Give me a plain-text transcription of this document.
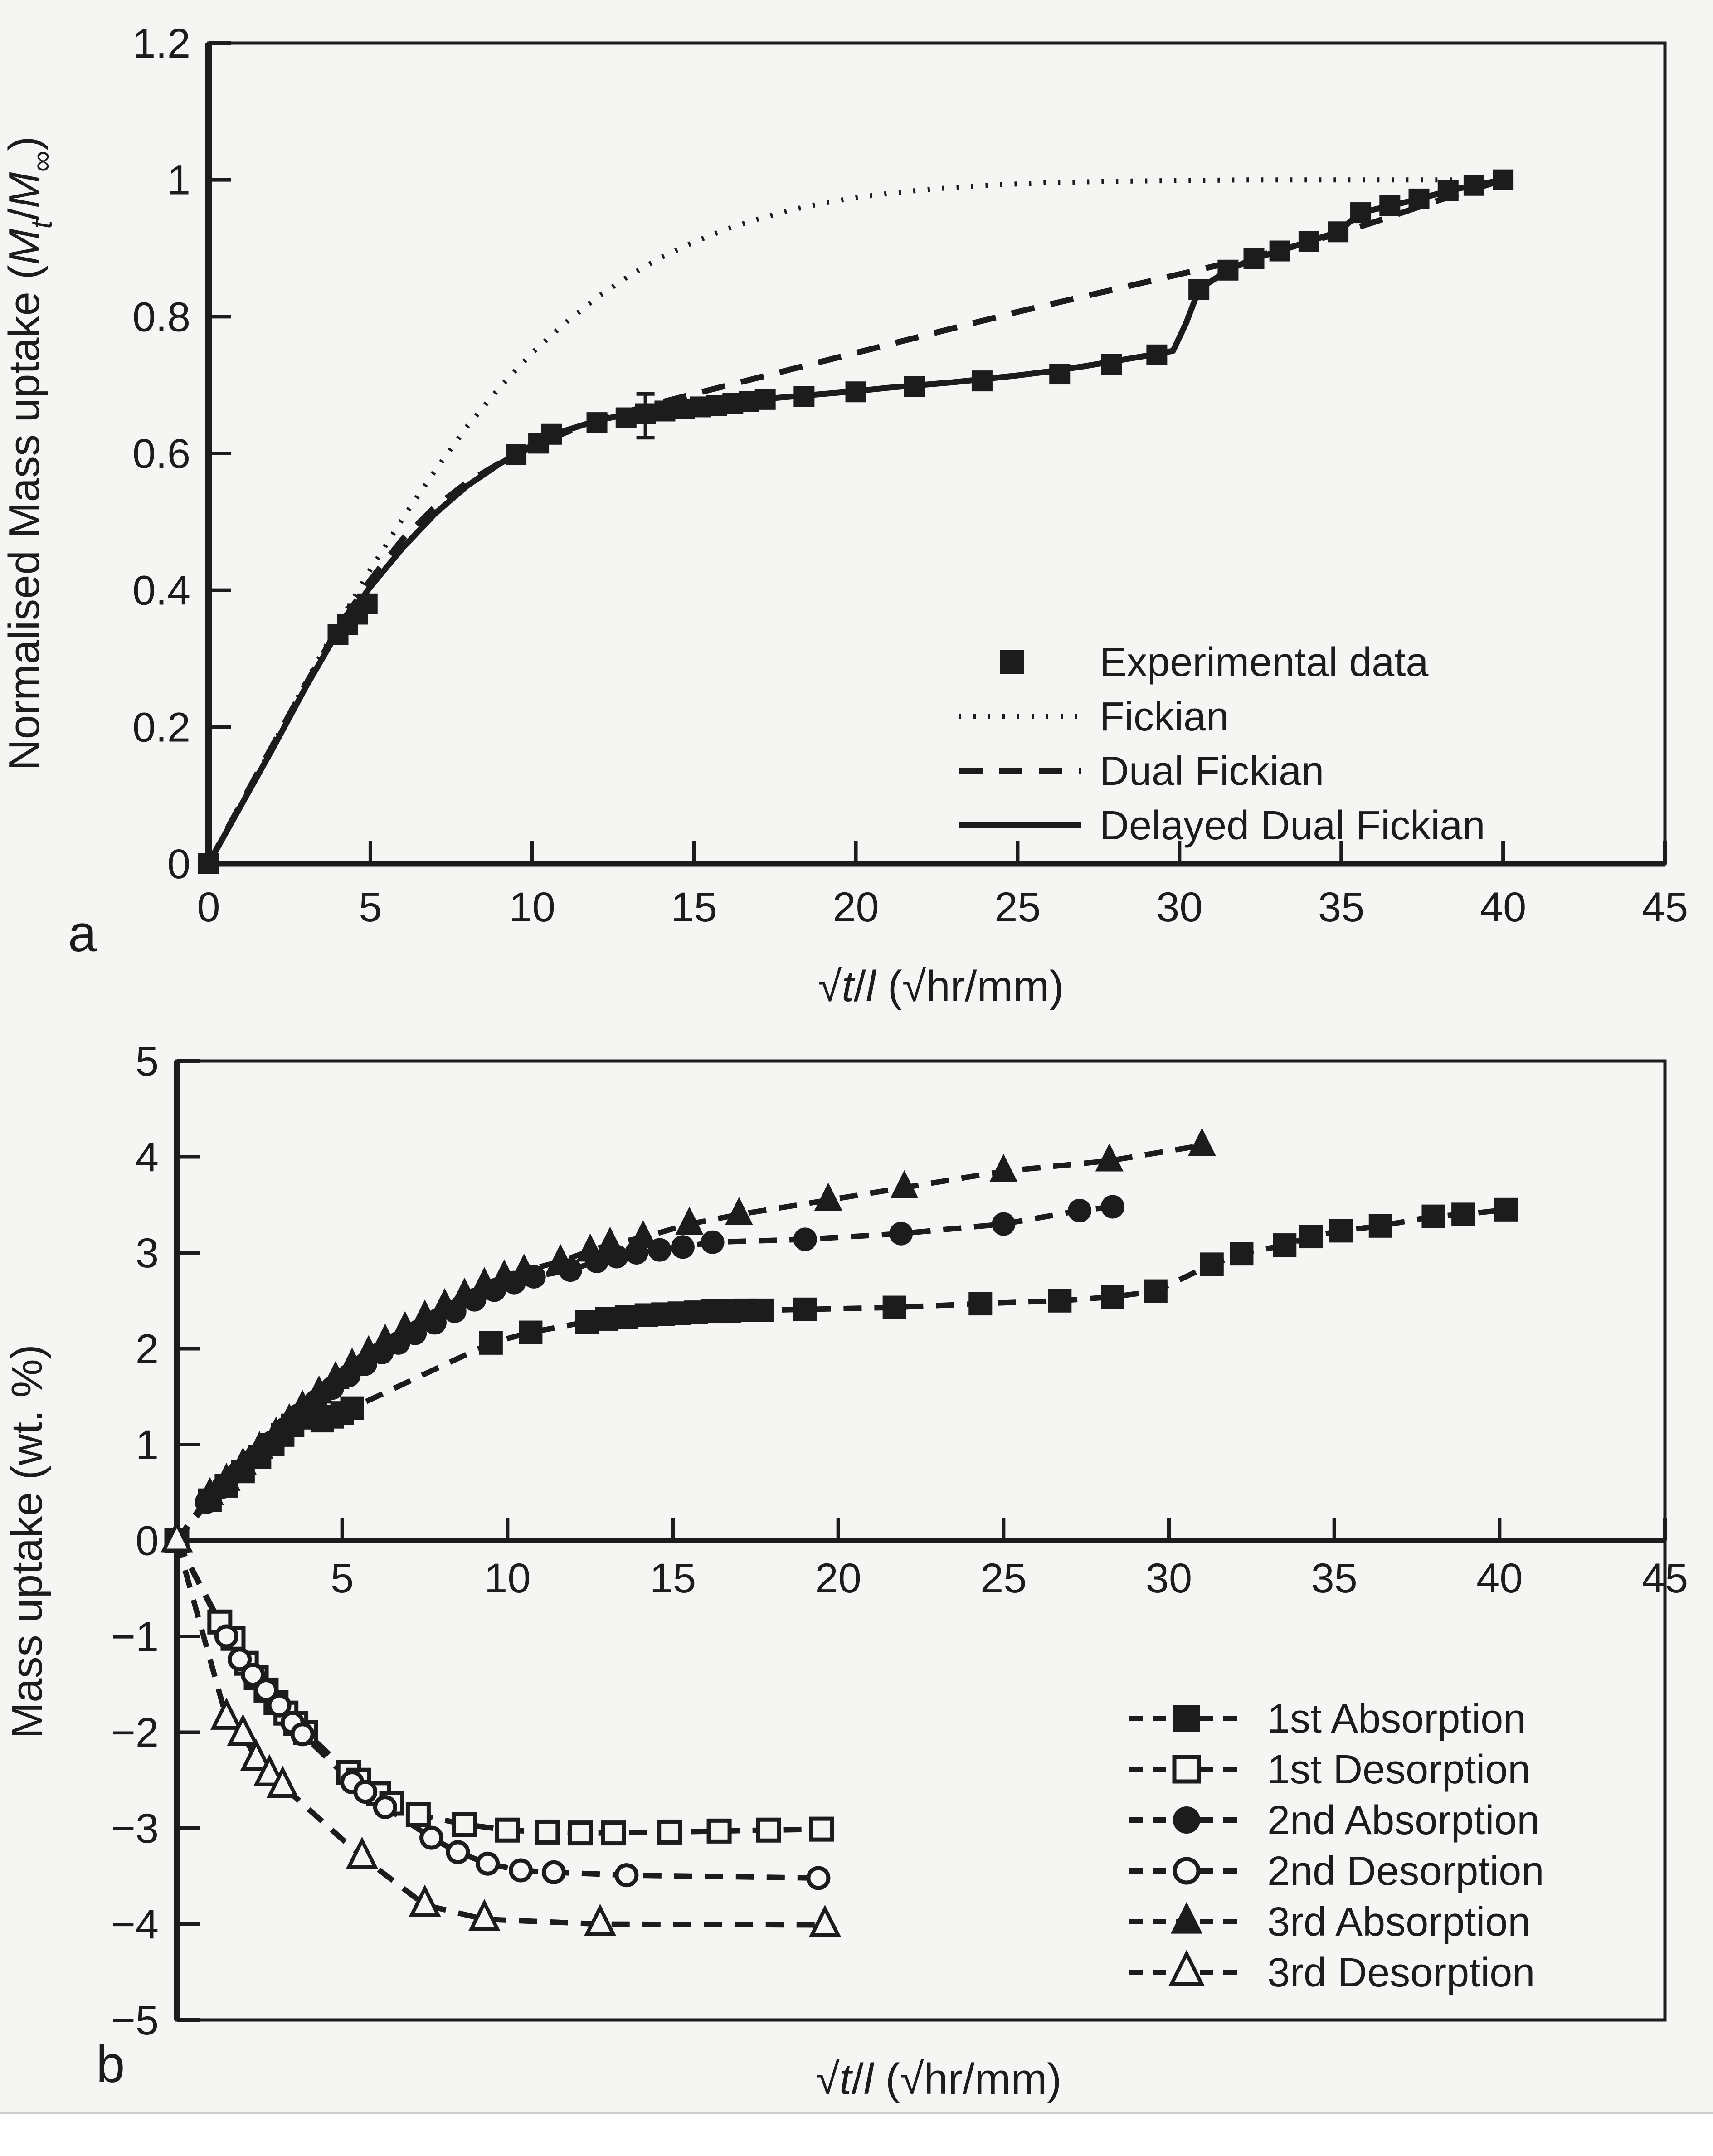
0	5	10	15	20	25	30	35	40	45
0
0.2
0.4
0.6
0.8
1
1.2
√t/l (√hr/mm)
Normalised Mass uptake $(M_t/M_\infty)$
a
Experimental data
Fickian
Dual Fickian
Delayed Dual Fickian
5	10	15	20	25	30	35	40	45
5
4
3
2
1
0
−1
−2
−3
−4
−5
√t/l (√hr/mm)
Mass uptake (wt. %)
b
1st Absorption
1st Desorption
2nd Absorption
2nd Desorption
3rd Absorption
3rd Desorption
